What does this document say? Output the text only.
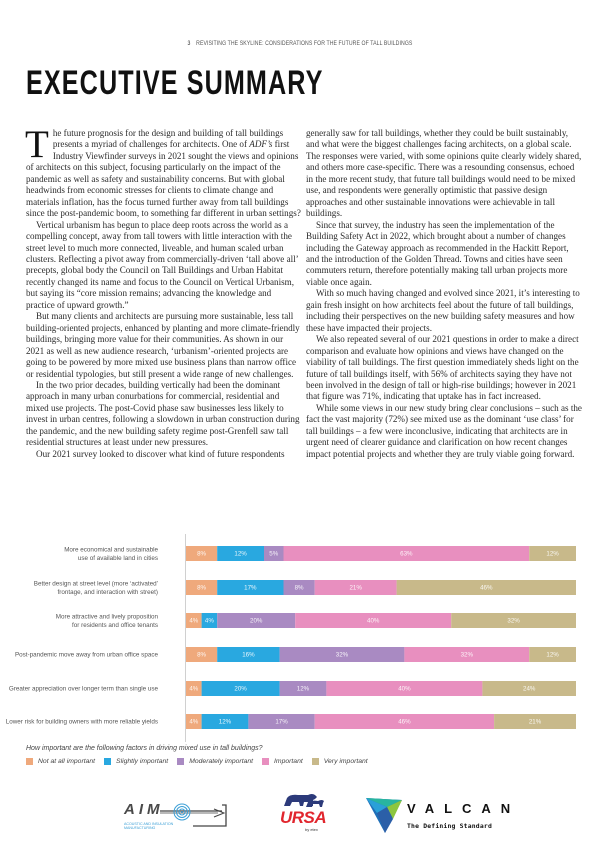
3 REVISITING THE SKYLINE: CONSIDERATIONS FOR THE FUTURE OF TALL BUILDINGS
EXECUTIVE SUMMARY

The future prognosis for the design and building of tall buildings presents a myriad of challenges for architects. One of ADF’s first Industry Viewfinder surveys in 2021 sought the views and opinions of architects on this subject, focusing particularly on the impact of the pandemic as well as safety and sustainability concerns. But with global headwinds from economic stresses for clients to climate change and materials inflation, has the focus turned further away from tall buildings since the post-pandemic boom, to something far different in urban settings?

Vertical urbanism has begun to place deep roots across the world as a compelling concept, away from tall towers with little interaction with the street level to much more connected, liveable, and human scaled urban clusters. Reflecting a pivot away from commercially-driven ‘tall above all’ precepts, global body the Council on Tall Buildings and Urban Habitat recently changed its name and focus to the Council on Vertical Urbanism, but saying its “core mission remains; advancing the knowledge and practice of upward growth.”

But many clients and architects are pursuing more sustainable, less tall building-oriented projects, enhanced by planting and more climate-friendly buildings, bringing more value for their communities. As shown in our 2021 as well as new audience research, ‘urbanism’-oriented projects are going to be powered by more mixed use business plans than narrow office or residential typologies, but still present a wide range of new challenges.

In the two prior decades, building vertically had been the dominant approach in many urban conurbations for commercial, residential and mixed use projects. The post-Covid phase saw businesses less likely to invest in urban centres, following a slowdown in urban construction during the pandemic, and the new building safety regime post-Grenfell saw tall residential structures at least under new pressures.

Our 2021 survey looked to discover what kind of future respondents

generally saw for tall buildings, whether they could be built sustainably, and what were the biggest challenges facing architects, on a global scale. The responses were varied, with some opinions quite clearly widely shared, and others more case-specific. There was a resounding consensus, echoed in the more recent study, that future tall buildings would need to be mixed use, and respondents were generally optimistic that passive design approaches and other sustainable innovations were achievable in tall buildings.

Since that survey, the industry has seen the implementation of the Building Safety Act in 2022, which brought about a number of changes including the Gateway approach as recommended in the Hackitt Report, and the introduction of the Golden Thread. Towns and cities have seen commuters return, therefore potentially making tall urban projects more viable once again.

With so much having changed and evolved since 2021, it’s interesting to gain fresh insight on how architects feel about the future of tall buildings, including their perspectives on the new building safety measures and how these have impacted their projects.

We also repeated several of our 2021 questions in order to make a direct comparison and evaluate how opinions and views have changed on the viability of tall buildings. The first question immediately sheds light on the future of tall buildings itself, with 56% of architects saying they have not been involved in the design of tall or high-rise buildings; however in 2021 that figure was 71%, indicating that uptake has in fact increased.

While some views in our new study bring clear conclusions – such as the fact the vast majority (72%) see mixed use as the dominant ‘use class’ for tall buildings – a few were inconclusive, indicating that architects are in urgent need of clearer guidance and clarification on how recent changes impact potential projects and whether they are truly viable going forward.

More economical and sustainable use of available land in cities
8%	12%	5%	63%	12%
Better design at street level (more ‘activated’ frontage, and interaction with street)
8%	17%	8%	21%	46%
More attractive and lively proposition for residents and office tenants
4% 4%	20%	40%	32%
Post-pandemic move away from urban office space	8%	16%	32%	32%	12%
Greater appreciation over longer term than single use	4%	20%	12%	40%	24%
Lower risk for building owners with more reliable yields	4%	12%	17%	46%	21%
How important are the following factors in driving mixed use in tall buildings?
Not at all important	Slightly important	Moderately important	Important	Very important
AIM
ACOUSTIC AND INSULATION MANUFACTURING
URSA
by etex
VALCAN
The Defining Standard
